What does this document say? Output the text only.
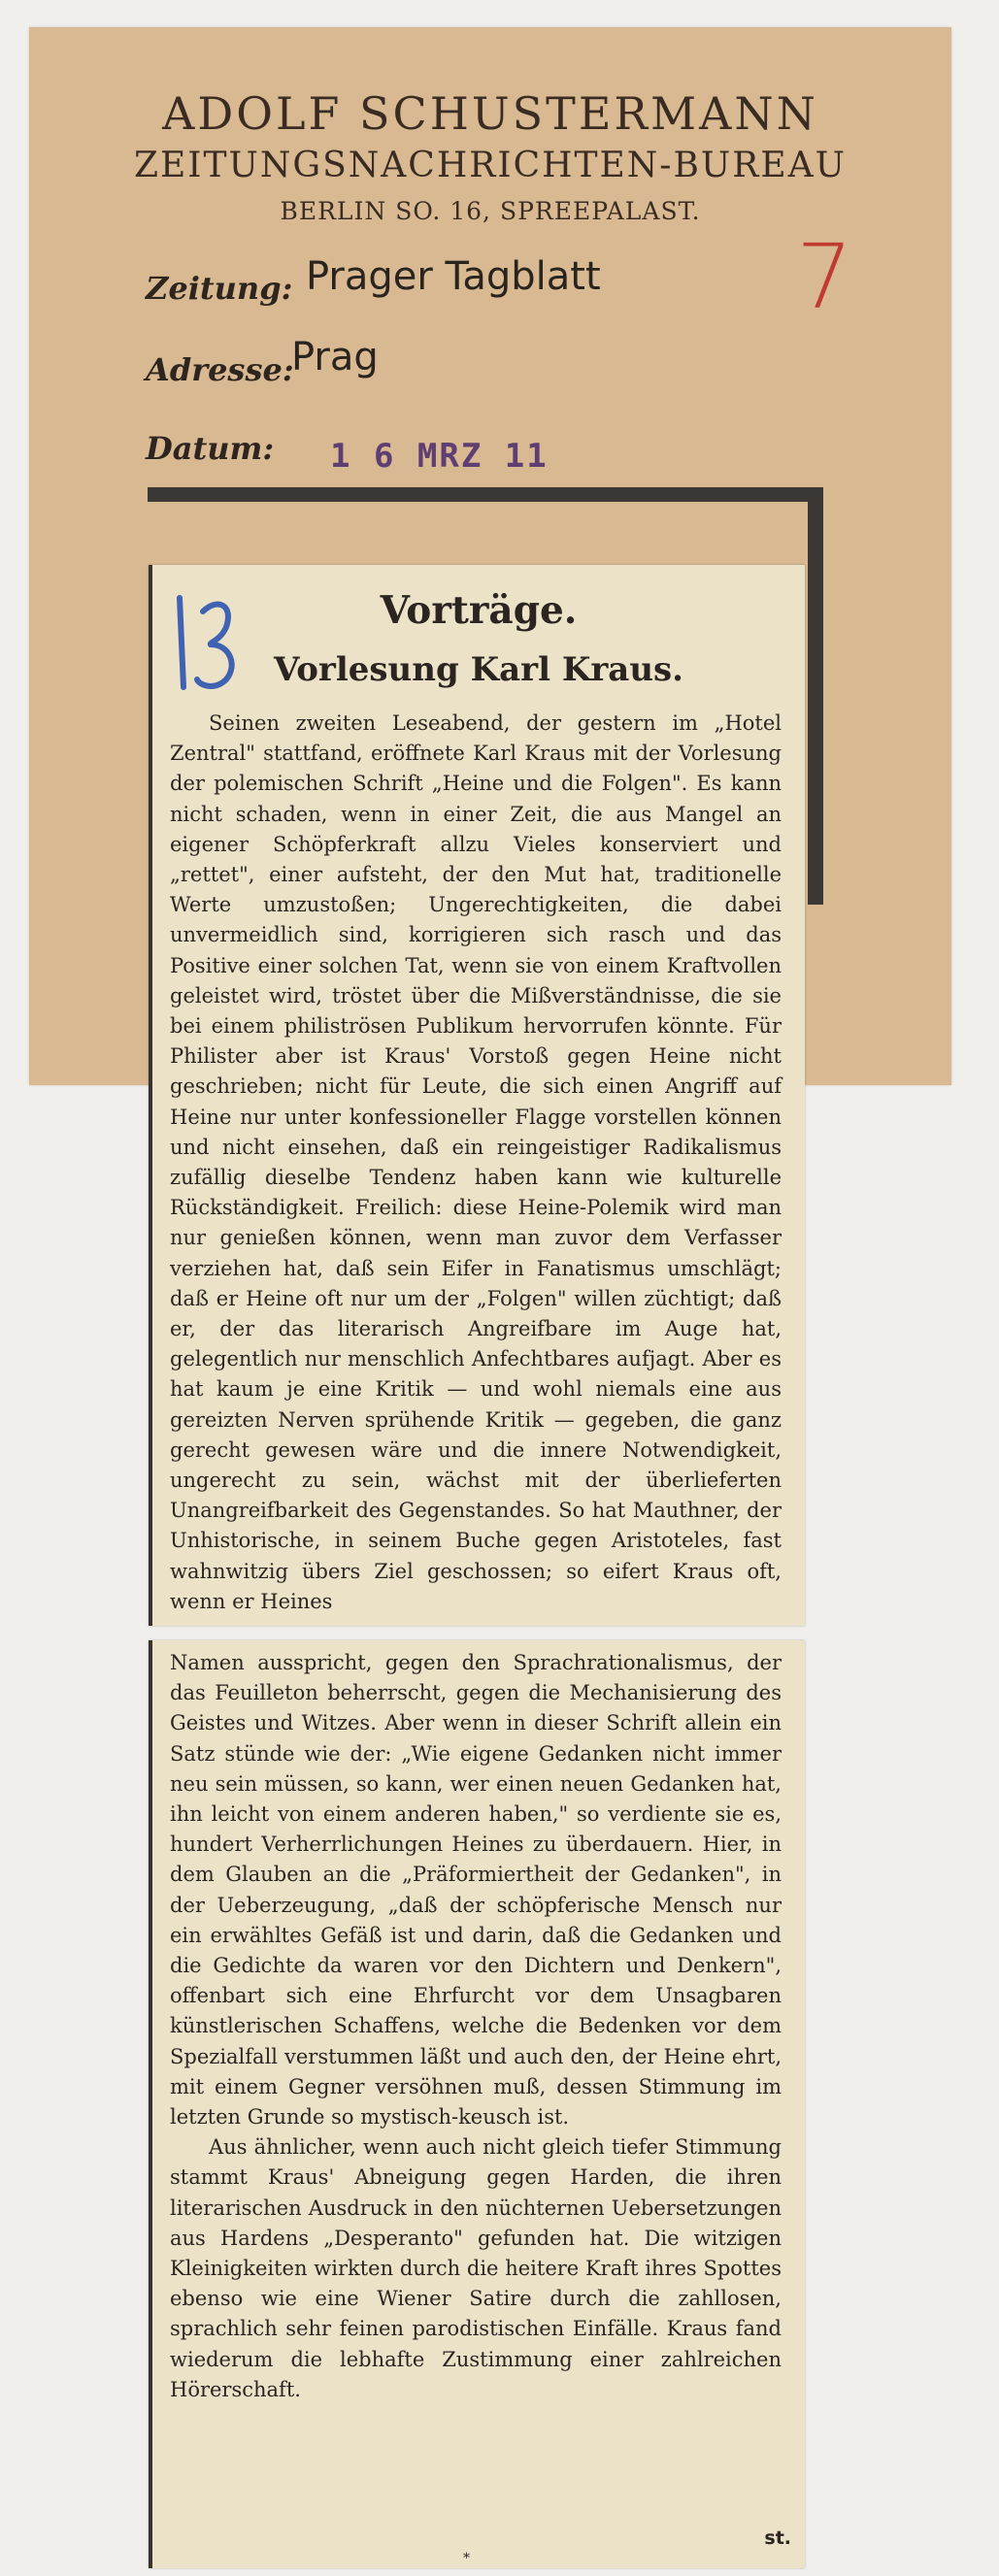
ADOLF SCHUSTERMANN
ZEITUNGSNACHRICHTEN-BUREAU
BERLIN SO. 16, SPREEPALAST.
Zeitung: Prager Tagblatt
Adresse:
Prag
Datum: 1 6 MRZ 11
7
Vorträge.
Vorlesung Karl Kraus.
Seinen zweiten Leseabend, der gestern im „Hotel Zentral" stattfand, eröffnete Karl Kraus mit der Vorlesung der polemischen Schrift „Heine und die Folgen". Es kann nicht schaden, wenn in einer Zeit, die aus Mangel an eigener Schöpferkraft allzu Vieles konserviert und „rettet", einer aufsteht, der den Mut hat, traditionelle Werte umzustoßen; Ungerechtigkeiten, die dabei unvermeidlich sind, korrigieren sich rasch und das Positive einer solchen Tat, wenn sie von einem Kraftvollen geleistet wird, tröstet über die Mißverständnisse, die sie bei einem philiströsen Publikum hervorrufen könnte. Für Philister aber ist Kraus' Vorstoß gegen Heine nicht geschrieben; nicht für Leute, die sich einen Angriff auf Heine nur unter konfessioneller Flagge vorstellen können und nicht einsehen, daß ein reingeistiger Radikalismus zufällig dieselbe Tendenz haben kann wie kulturelle Rückständigkeit. Freilich: diese Heine-Polemik wird man nur genießen können, wenn man zuvor dem Verfasser verziehen hat, daß sein Eifer in Fanatismus umschlägt; daß er Heine oft nur um der „Folgen" willen züchtigt; daß er, der das literarisch Angreifbare im Auge hat, gelegentlich nur menschlich Anfechtbares aufjagt. Aber es hat kaum je eine Kritik — und wohl niemals eine aus gereizten Nerven sprühende Kritik — gegeben, die ganz gerecht gewesen wäre und die innere Notwendigkeit, ungerecht zu sein, wächst mit der überlieferten Unangreifbarkeit des Gegenstandes. So hat Mauthner, der Unhistorische, in seinem Buche gegen Aristoteles, fast wahnwitzig übers Ziel geschossen; so eifert Kraus oft, wenn er Heines
Namen ausspricht, gegen den Sprachrationalismus, der das Feuilleton beherrscht, gegen die Mechanisierung des Geistes und Witzes. Aber wenn in dieser Schrift allein ein Satz stünde wie der: „Wie eigene Gedanken nicht immer neu sein müssen, so kann, wer einen neuen Gedanken hat, ihn leicht von einem anderen haben," so verdiente sie es, hundert Verherrlichungen Heines zu überdauern. Hier, in dem Glauben an die „Präformiertheit der Gedanken", in der Ueberzeugung, „daß der schöpferische Mensch nur ein erwähltes Gefäß ist und darin, daß die Gedanken und die Gedichte da waren vor den Dichtern und Denkern", offenbart sich eine Ehrfurcht vor dem Unsagbaren künstlerischen Schaffens, welche die Bedenken vor dem Spezialfall verstummen läßt und auch den, der Heine ehrt, mit einem Gegner versöhnen muß, dessen Stimmung im letzten Grunde so mystisch-keusch ist.
Aus ähnlicher, wenn auch nicht gleich tiefer Stimmung stammt Kraus' Abneigung gegen Harden, die ihren literarischen Ausdruck in den nüchternen Uebersetzungen aus Hardens „Desperanto" gefunden hat. Die witzigen Kleinigkeiten wirkten durch die heitere Kraft ihres Spottes ebenso wie eine Wiener Satire durch die zahllosen, sprachlich sehr feinen parodistischen Einfälle. Kraus fand wiederum die lebhafte Zustimmung einer zahlreichen Hörerschaft.
st.
*
